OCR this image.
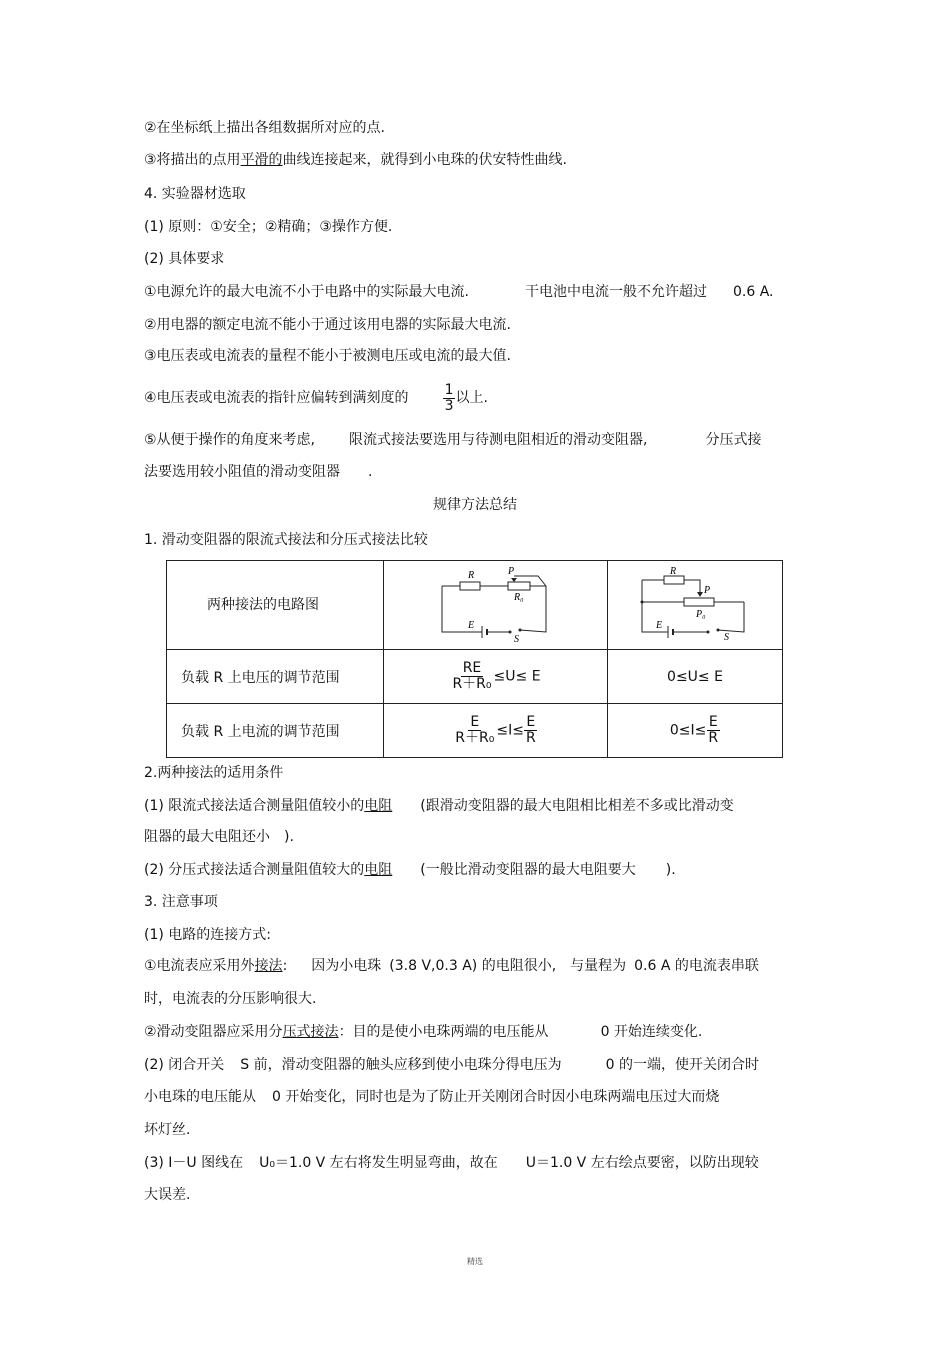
②在坐标纸上描出各组数据所对应的点.
③将描出的点用平滑的曲线连接起来，就得到小电珠的伏安特性曲线.
4. 实验器材选取
(1) 原则：①安全；②精确；③操作方便.
(2) 具体要求
①电源允许的最大电流不小于电路中的实际最大电流.	干电池中电流一般不允许超过 0.6 A.
②用电器的额定电流不能小于通过该用电器的实际最大电流.
③电压表或电流表的量程不能小于被测电压或电流的最大值.
④电压表或电流表的指针应偏转到满刻度的 $\frac{1}{3}$ 以上.
⑤从便于操作的角度来考虑, 限流式接法要选用与待测电阻相近的滑动变阻器,	分压式接
法要选用较小阻值的滑动变阻器 .
规律方法总结
1. 滑动变阻器的限流式接法和分压式接法比较
两种接法的电路图	R P
R₀
E
S	R
P
P₀
E
S

负载 R 上电压的调节范围	$\frac{RE}{\text{R＋R₀}} \le U\le E$	0≤U≤ E
负载 R 上电流的调节范围	$\frac{E}{\text{R＋R₀}} \le I\le \frac{E}{R}$	$0\le I\le \frac{E}{R}$
2.两种接法的适用条件
(1) 限流式接法适合测量阻值较小的电阻 (跟滑动变阻器的最大电阻相比相差不多或比滑动变
阻器的最大电阻还小 ).
(2) 分压式接法适合测量阻值较大的电阻 (一般比滑动变阻器的最大电阻要大 ).
3. 注意事项
(1) 电路的连接方式:
①电流表应采用外接法: 因为小电珠 (3.8 V,0.3 A) 的电阻很小, 与量程为 0.6 A 的电流表串联
时，电流表的分压影响很大.
②滑动变阻器应采用分压式接法：目的是使小电珠两端的电压能从	0 开始连续变化.
(2) 闭合开关 S 前，滑动变阻器的触头应移到使小电珠分得电压为	0 的一端，使开关闭合时
小电珠的电压能从 0 开始变化，同时也是为了防止开关刚闭合时因小电珠两端电压过大而烧
坏灯丝.
(3) I－U 图线在 U₀＝1.0 V 左右将发生明显弯曲，故在 U＝1.0 V 左右绘点要密，以防出现较
大误差.
精选
